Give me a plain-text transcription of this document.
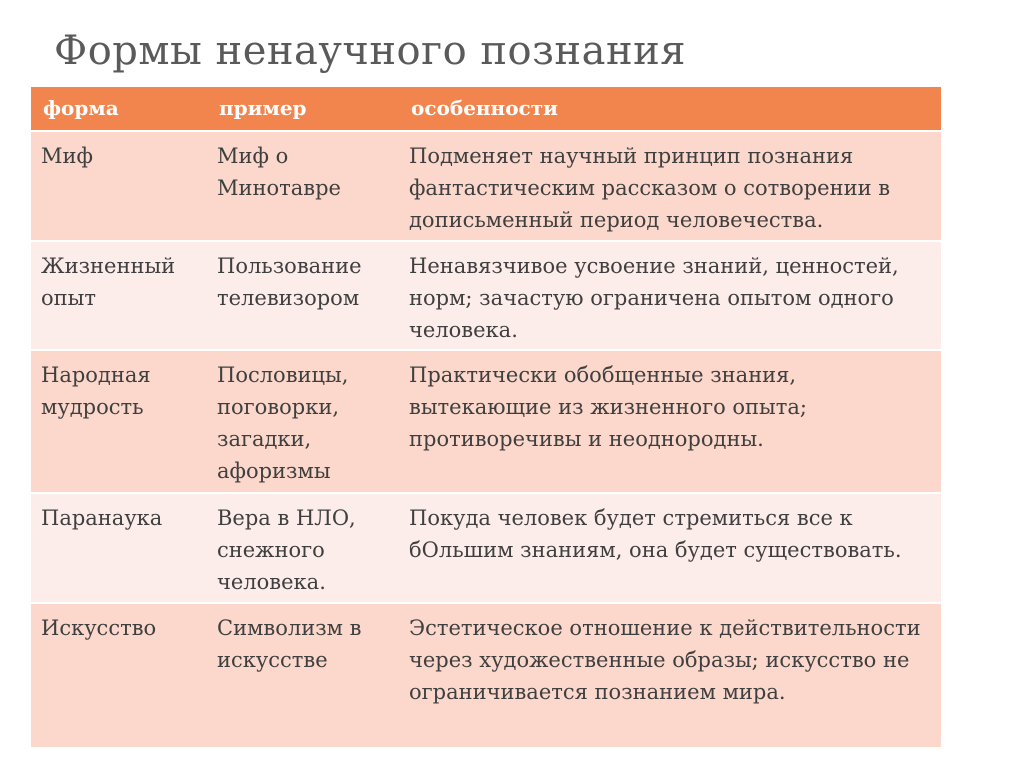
Формы ненаучного познания
форма	пример	особенности
Миф	Миф о Минотавре	Подменяет научный принцип познания фантастическим рассказом о сотворении в дописьменный период человечества.
Жизненный опыт	Пользование телевизором	Ненавязчивое усвоение знаний, ценностей, норм; зачастую ограничена опытом одного человека.
Народная мудрость	Пословицы, поговорки, загадки, афоризмы	Практически обобщенные знания, вытекающие из жизненного опыта; противоречивы и неоднородны.
Паранаука	Вера в НЛО, снежного человека.	Покуда человек будет стремиться все к бОльшим знаниям, она будет существовать.
Искусство	Символизм в искусстве	Эстетическое отношение к действительности через художественные образы; искусство не ограничивается познанием мира.
